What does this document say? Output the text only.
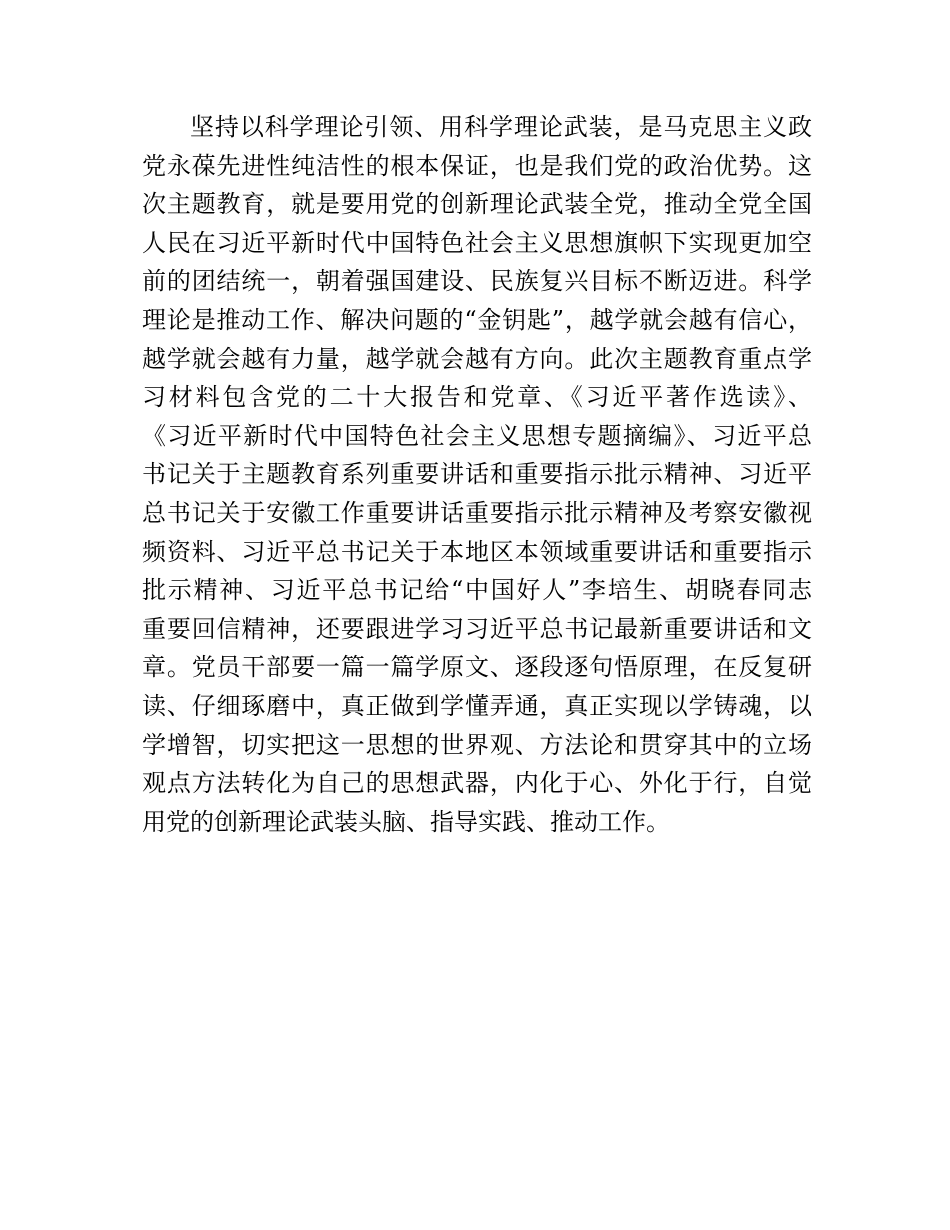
坚持以科学理论引领、用科学理论武装，是马克思主义政
党永葆先进性纯洁性的根本保证，也是我们党的政治优势。这
次主题教育，就是要用党的创新理论武装全党，推动全党全国
人民在习近平新时代中国特色社会主义思想旗帜下实现更加空
前的团结统一，朝着强国建设、民族复兴目标不断迈进。科学
理论是推动工作、解决问题的“金钥匙”，越学就会越有信心，
越学就会越有力量，越学就会越有方向。此次主题教育重点学
习材料包含党的二十大报告和党章、《习近平著作选读》、
《习近平新时代中国特色社会主义思想专题摘编》、习近平总
书记关于主题教育系列重要讲话和重要指示批示精神、习近平
总书记关于安徽工作重要讲话重要指示批示精神及考察安徽视
频资料、习近平总书记关于本地区本领域重要讲话和重要指示
批示精神、习近平总书记给“中国好人”李培生、胡晓春同志
重要回信精神，还要跟进学习习近平总书记最新重要讲话和文
章。党员干部要一篇一篇学原文、逐段逐句悟原理，在反复研
读、仔细琢磨中，真正做到学懂弄通，真正实现以学铸魂，以
学增智，切实把这一思想的世界观、方法论和贯穿其中的立场
观点方法转化为自己的思想武器，内化于心、外化于行，自觉
用党的创新理论武装头脑、指导实践、推动工作。
